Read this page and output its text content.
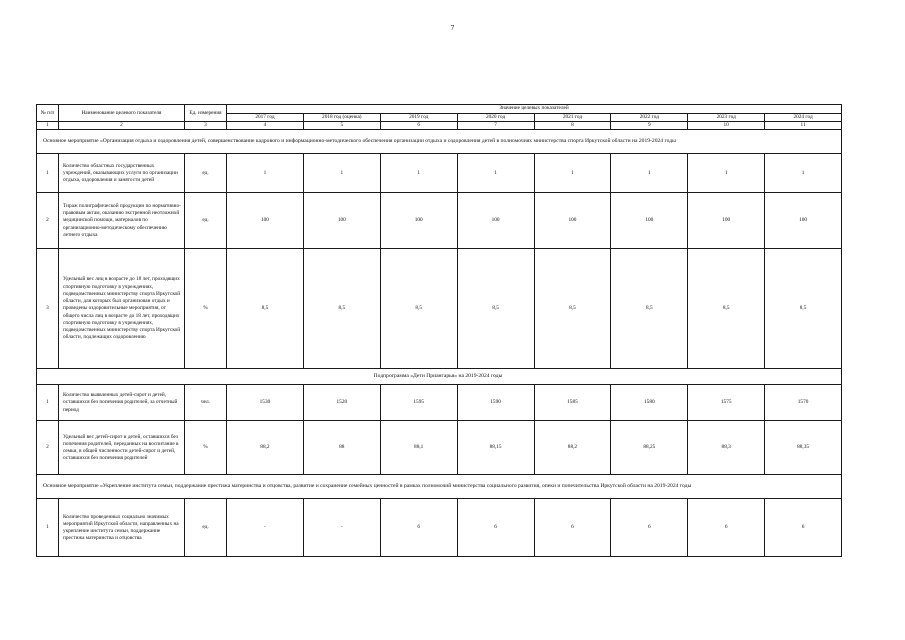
7
№ п/п	Наименование целевого показателя	Ед. измерения	Значение целевых показателей							
			2017 год	2018 год (оценка)	2019 год	2020 год	2021 год	2022 год	2023 год	2024 год
1	2	3	4	5	6	7	8	9	10	11
Основное мероприятие «Организация отдыха и оздоровления детей, совершенствование кадрового и информационно-методического обеспечения организации отдыха и оздоровления детей в полномочиях министерства спорта Иркутской области на 2019-2024 годы										
1	Количество областных государственных учреждений, оказывающих услуги по организации отдыха, оздоровления и занятости детей	ед.	1	1	1	1	1	1	1	1
2	Тираж полиграфической продукции по нормативно-правовым актам, оказанию экстренной неотложной медицинской помощи, материалов по организационно-методическому обеспечению летнего отдыха	ед.	100	100	100	100	100	100	100	100
3	Удельный вес лиц в возрасте до 18 лет, проходящих спортивную подготовку в учреждениях, подведомственных министерству спорта Иркутской области, для которых был организован отдых и проведены оздоровительные мероприятия, от общего числа лиц в возрасте до 18 лет, проходящих спортивную подготовку в учреждениях, подведомственных министерству спорта Иркутской области, подлежащих оздоровлению	%	8,5	8,5	8,5	8,5	8,5	8,5	8,5	8,5
Подпрограмма «Дети Приангарья» на 2019-2024 годы										
1	Количество выявленных детей-сирот и детей, оставшихся без попечения родителей, за отчетный период	чел.	1530	1520	1595	1590	1585	1580	1575	1570
2	Удельный вес детей-сирот и детей, оставшихся без попечения родителей, переданных на воспитание в семьи, в общей численности детей-сирот и детей, оставшихся без попечения родителей	%	88,2	88	88,1	88,15	88,2	88,25	88,3	88,35
Основное мероприятие «Укрепление института семьи, поддержание престижа материнства и отцовства, развитие и сохранение семейных ценностей в рамках полномочий министерства социального развития, опеки и попечительства Иркутской области на 2019-2024 годы										
1	Количество проведенных социально значимых мероприятий Иркутской области, направленных на укрепление института семьи, поддержание престижа материнства и отцовства	ед.	-	-	6	6	6	6	6	6
